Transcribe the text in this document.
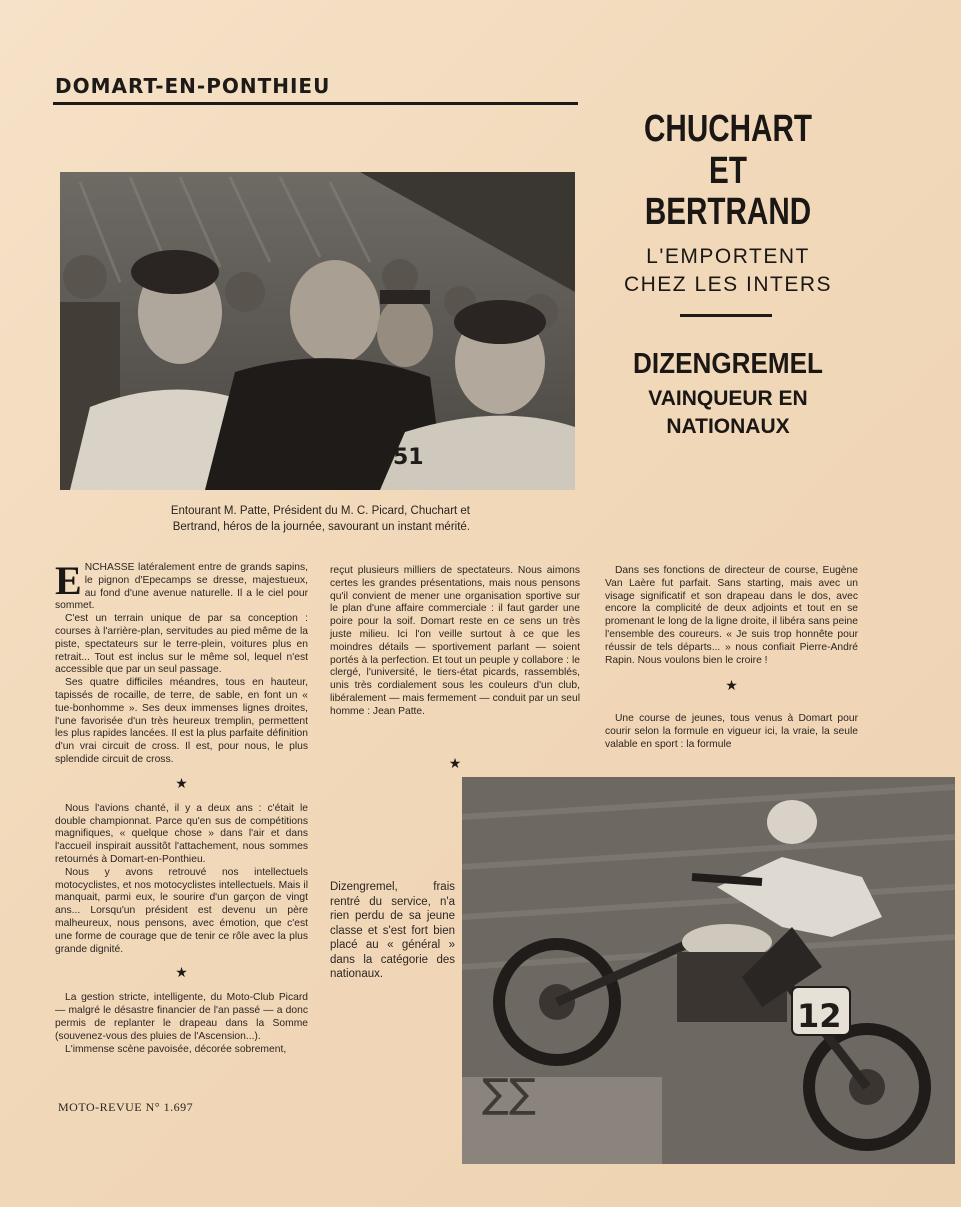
DOMART-EN-PONTHIEU
51
Entourant M. Patte, Président du M. C. Picard, Chuchart et Bertrand, héros de la journée, savourant un instant mérité.
CHUCHART
ET
BERTRAND
L'EMPORTENT
CHEZ LES INTERS
DIZENGREMEL
VAINQUEUR EN
NATIONAUX

ENCHASSE latéralement entre de grands sapins, le pignon d'Epecamps se dresse, majestueux, au fond d'une avenue naturelle. Il a le ciel pour sommet.

C'est un terrain unique de par sa conception : courses à l'arrière-plan, servitudes au pied même de la piste, spectateurs sur le terre-plein, voitures plus en retrait... Tout est inclus sur le même sol, lequel n'est accessible que par un seul passage.

Ses quatre difficiles méandres, tous en hauteur, tapissés de rocaille, de terre, de sable, en font un « tue-bonhomme ». Ses deux immenses lignes droites, l'une favorisée d'un très heureux tremplin, permettent les plus rapides lancées. Il est la plus parfaite définition d'un vrai circuit de cross. Il est, pour nous, le plus splendide circuit de cross.

★

Nous l'avions chanté, il y a deux ans : c'était le double championnat. Parce qu'en sus de compétitions magnifiques, « quelque chose » dans l'air et dans l'accueil inspirait aussitôt l'attachement, nous sommes retournés à Domart-en-Ponthieu.

Nous y avons retrouvé nos intellectuels motocyclistes, et nos motocyclistes intellectuels. Mais il manquait, parmi eux, le sourire d'un garçon de vingt ans... Lorsqu'un président est devenu un père malheureux, nous pensons, avec émotion, que c'est une forme de courage que de tenir ce rôle avec la plus grande dignité.

★

La gestion stricte, intelligente, du Moto-Club Picard — malgré le désastre financier de l'an passé — a donc permis de replanter le drapeau dans la Somme (souvenez-vous des pluies de l'Ascension...).

L'immense scène pavoisée, décorée sobrement,

reçut plusieurs milliers de spectateurs. Nous aimons certes les grandes présentations, mais nous pensons qu'il convient de mener une organisation sportive sur le plan d'une affaire commerciale : il faut garder une poire pour la soif. Domart reste en ce sens un très juste milieu. Ici l'on veille surtout à ce que les moindres détails — sportivement parlant — soient portés à la perfection. Et tout un peuple y collabore : le clergé, l'université, le tiers-état picards, rassemblés, unis très cordialement sous les couleurs d'un club, libéralement — mais fermement — conduit par un seul homme : Jean Patte.

★
Dizengremel, frais rentré du service, n'a rien perdu de sa jeune classe et s'est fort bien placé au « général » dans la catégorie des nationaux.

Dans ses fonctions de directeur de course, Eugène Van Laère fut parfait. Sans starting, mais avec un visage significatif et son drapeau dans le dos, avec encore la complicité de deux adjoints et tout en se promenant le long de la ligne droite, il libéra sans peine l'ensemble des coureurs. « Je suis trop honnête pour réussir de tels départs... » nous confiait Pierre-André Rapin. Nous voulons bien le croire !

★

Une course de jeunes, tous venus à Domart pour courir selon la formule en vigueur ici, la vraie, la seule valable en sport : la formule

∑∑
12
MOTO-REVUE N° 1.697
